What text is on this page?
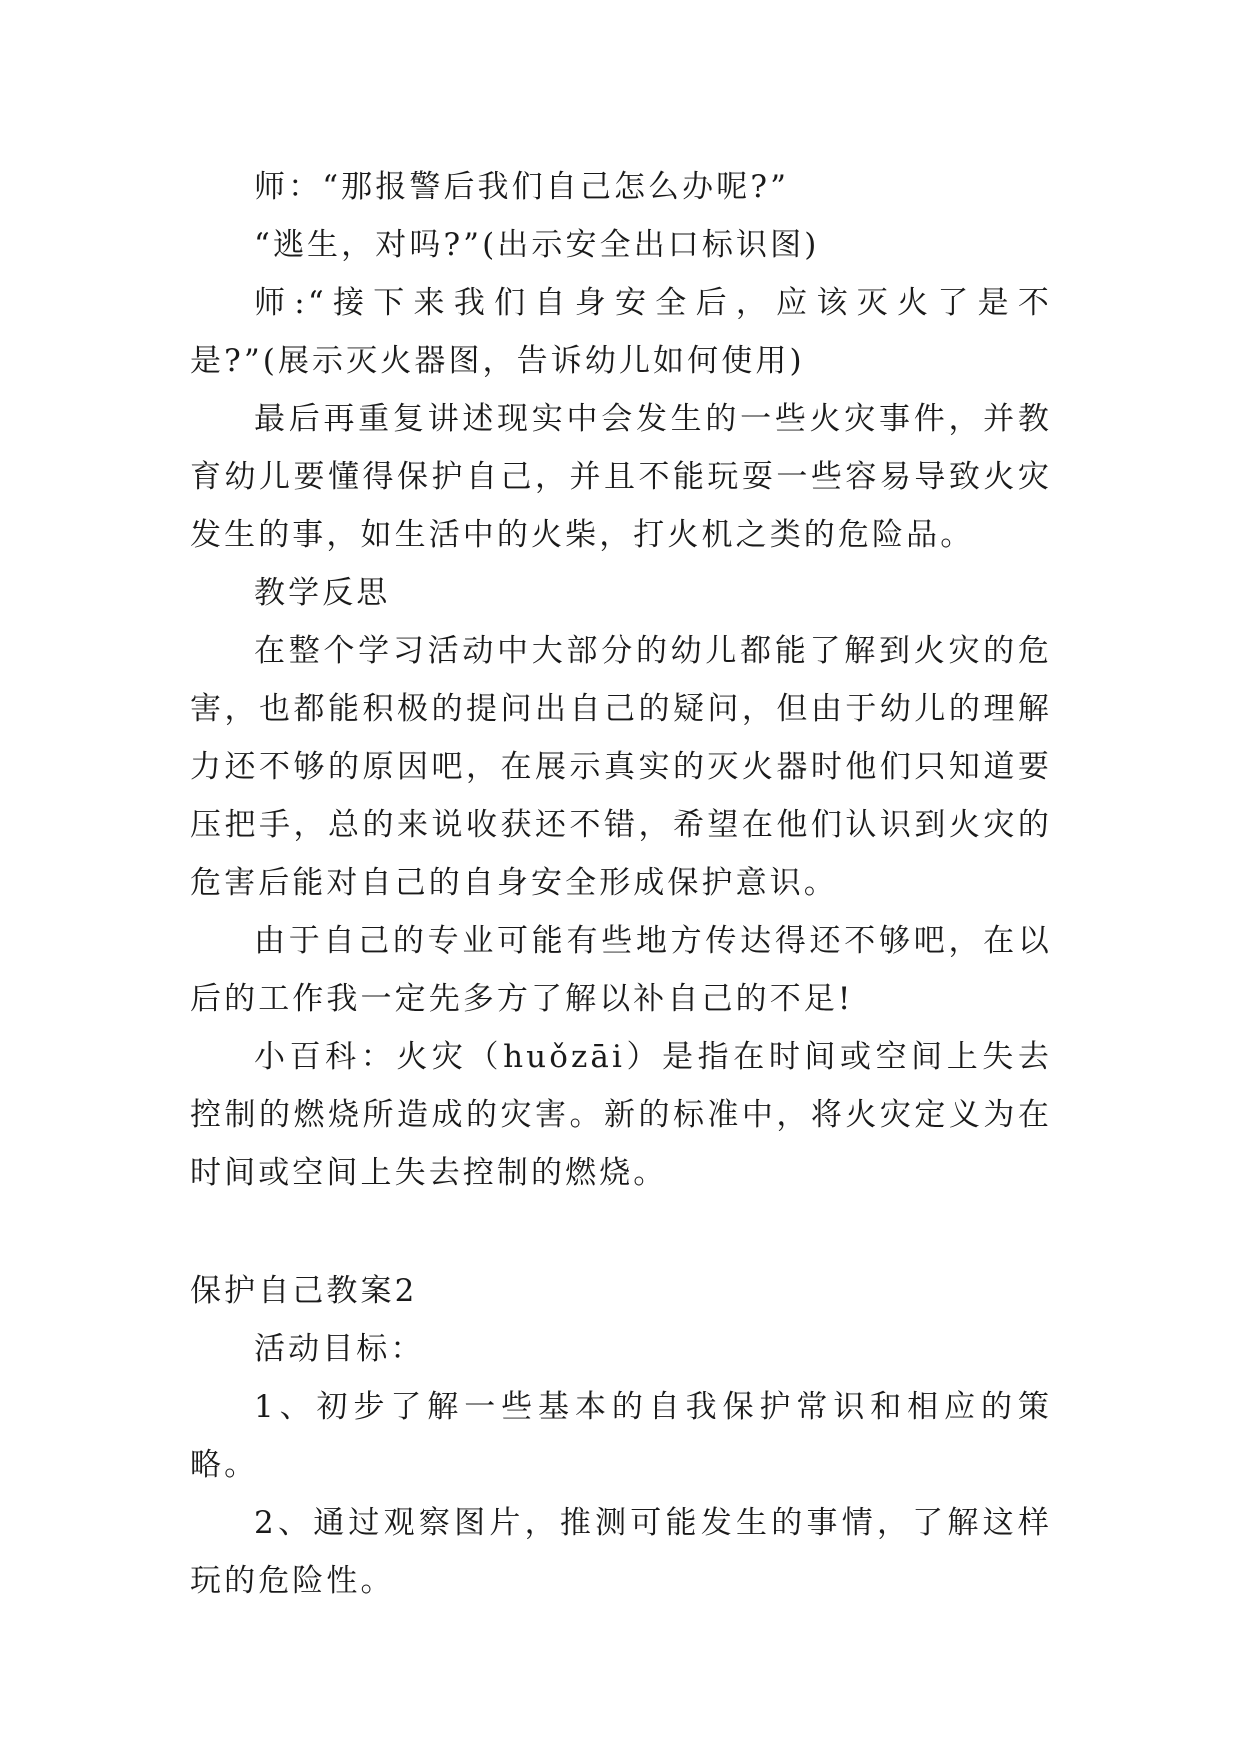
师：“那报警后我们自己怎么办呢?”

“逃生，对吗?”(出示安全出口标识图)

师:“接下来我们自身安全后，应该灭火了是不是?”(展示灭火器图，告诉幼儿如何使用)

最后再重复讲述现实中会发生的一些火灾事件，并教育幼儿要懂得保护自己，并且不能玩耍一些容易导致火灾发生的事，如生活中的火柴，打火机之类的危险品。

教学反思

在整个学习活动中大部分的幼儿都能了解到火灾的危害，也都能积极的提问出自己的疑问，但由于幼儿的理解力还不够的原因吧，在展示真实的灭火器时他们只知道要压把手，总的来说收获还不错，希望在他们认识到火灾的危害后能对自己的自身安全形成保护意识。

由于自己的专业可能有些地方传达得还不够吧，在以后的工作我一定先多方了解以补自己的不足!

小百科：火灾（huǒzāi）是指在时间或空间上失去控制的燃烧所造成的灾害。新的标准中，将火灾定义为在时间或空间上失去控制的燃烧。

保护自己教案2

活动目标：

1、初步了解一些基本的自我保护常识和相应的策略。

2、通过观察图片，推测可能发生的事情，了解这样玩的危险性。
